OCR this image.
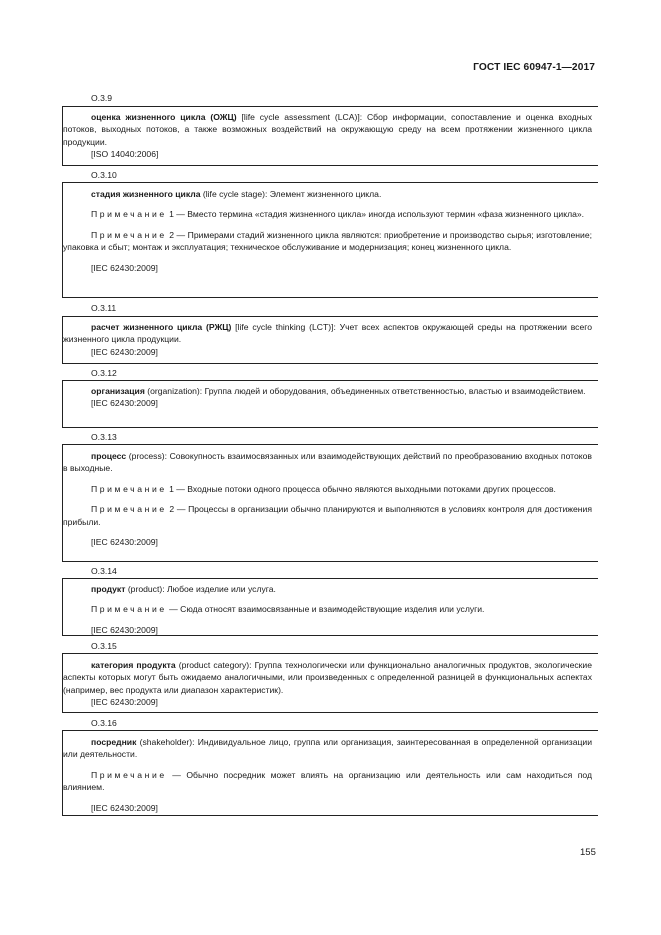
ГОСТ IEC 60947-1—2017
О.3.9

оценка жизненного цикла (ОЖЦ) [life cycle assessment (LCA)]: Сбор информации, сопоставление и оценка входных потоков, выходных потоков, а также возможных воздействий на окружающую среду на всем протяжении жизненного цикла продукции.

[ISO 14040:2006]

О.3.10

стадия жизненного цикла (life cycle stage): Элемент жизненного цикла.

Примечание 1 — Вместо термина «стадия жизненного цикла» иногда используют термин «фаза жизненного цикла».

Примечание 2 — Примерами стадий жизненного цикла являются: приобретение и производство сырья; изготовление; упаковка и сбыт; монтаж и эксплуатация; техническое обслуживание и модернизация; конец жизненного цикла.

[IEC 62430:2009]

О.3.11

расчет жизненного цикла (РЖЦ) [life cycle thinking (LCT)]: Учет всех аспектов окружающей среды на протяжении всего жизненного цикла продукции.

[IEC 62430:2009]

О.3.12

организация (organization): Группа людей и оборудования, объединенных ответственностью, властью и взаимодействием.

[IEC 62430:2009]

О.3.13

процесс (process): Совокупность взаимосвязанных или взаимодействующих действий по преобразованию входных потоков в выходные.

Примечание 1 — Входные потоки одного процесса обычно являются выходными потоками других процессов.

Примечание 2 — Процессы в организации обычно планируются и выполняются в условиях контроля для достижения прибыли.

[IEC 62430:2009]

О.3.14

продукт (product): Любое изделие или услуга.

Примечание — Сюда относят взаимосвязанные и взаимодействующие изделия или услуги.

[IEC 62430:2009]

О.3.15

категория продукта (product category): Группа технологически или функционально аналогичных продуктов, экологические аспекты которых могут быть ожидаемо аналогичными, или произведенных с определенной разницей в функциональных аспектах (например, вес продукта или диапазон характеристик).

[IEC 62430:2009]

О.3.16

посредник (shakeholder): Индивидуальное лицо, группа или организация, заинтересованная в определенной организации или деятельности.

Примечание — Обычно посредник может влиять на организацию или деятельность или сам находиться под влиянием.

[IEC 62430:2009]

155
